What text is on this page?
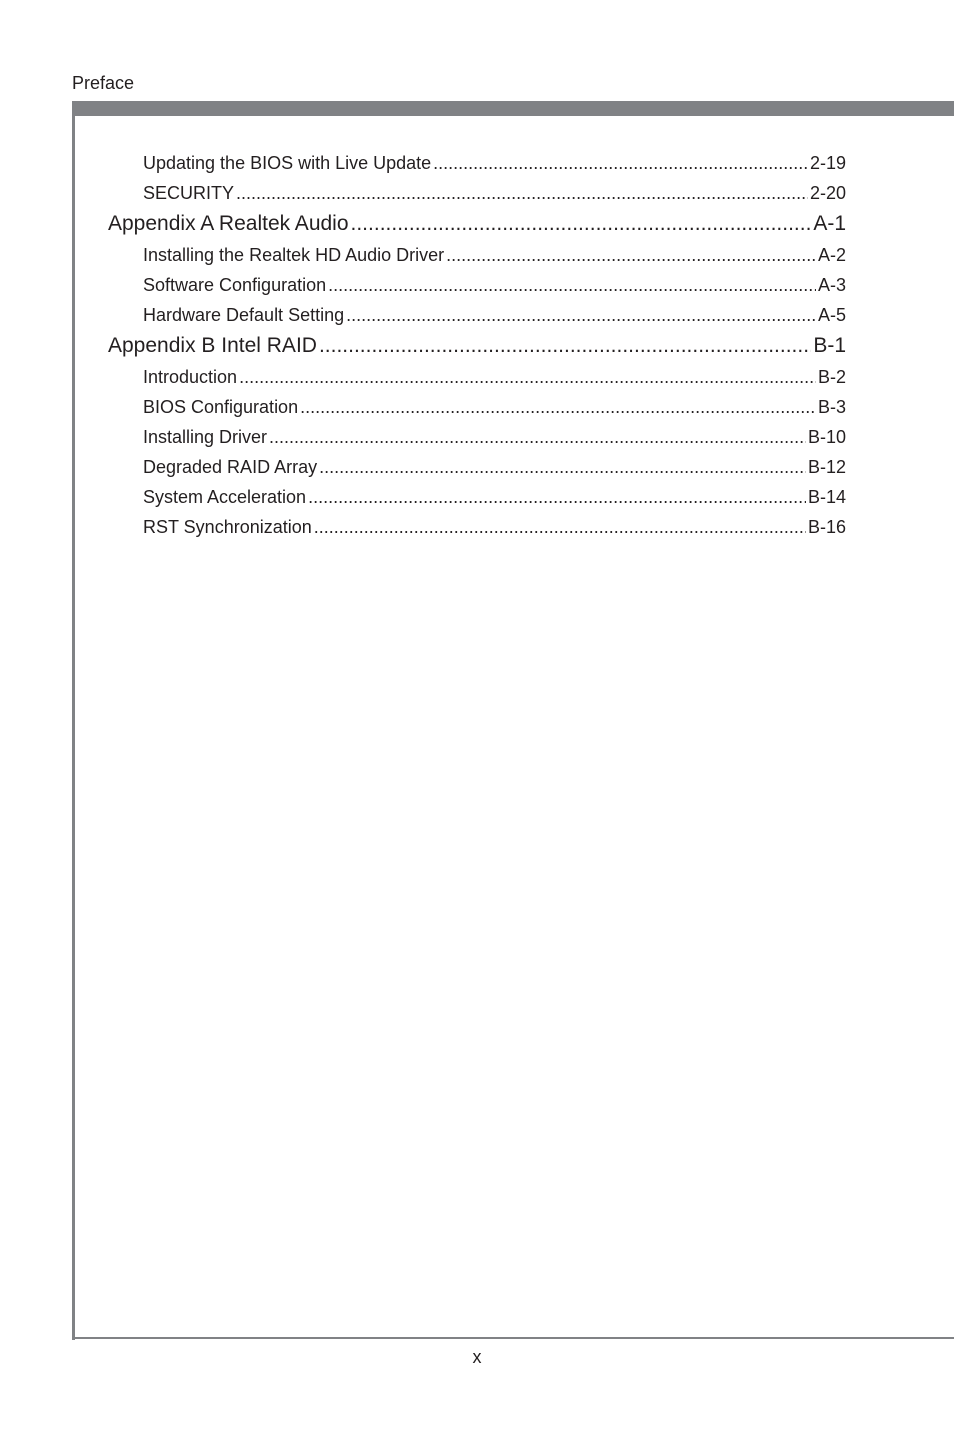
Preface
Updating the BIOS with Live Update .....	2-19
SECURITY .....	2-20
Appendix A Realtek Audio .....	A-1
Installing the Realtek HD Audio Driver .....	A-2
Software Configuration .....	A-3
Hardware Default Setting .....	A-5
Appendix B Intel RAID .....	B-1
Introduction .....	B-2
BIOS Configuration .....	B-3
Installing Driver .....	B-10
Degraded RAID Array .....	B-12
System Acceleration .....	B-14
RST Synchronization .....	B-16
x
